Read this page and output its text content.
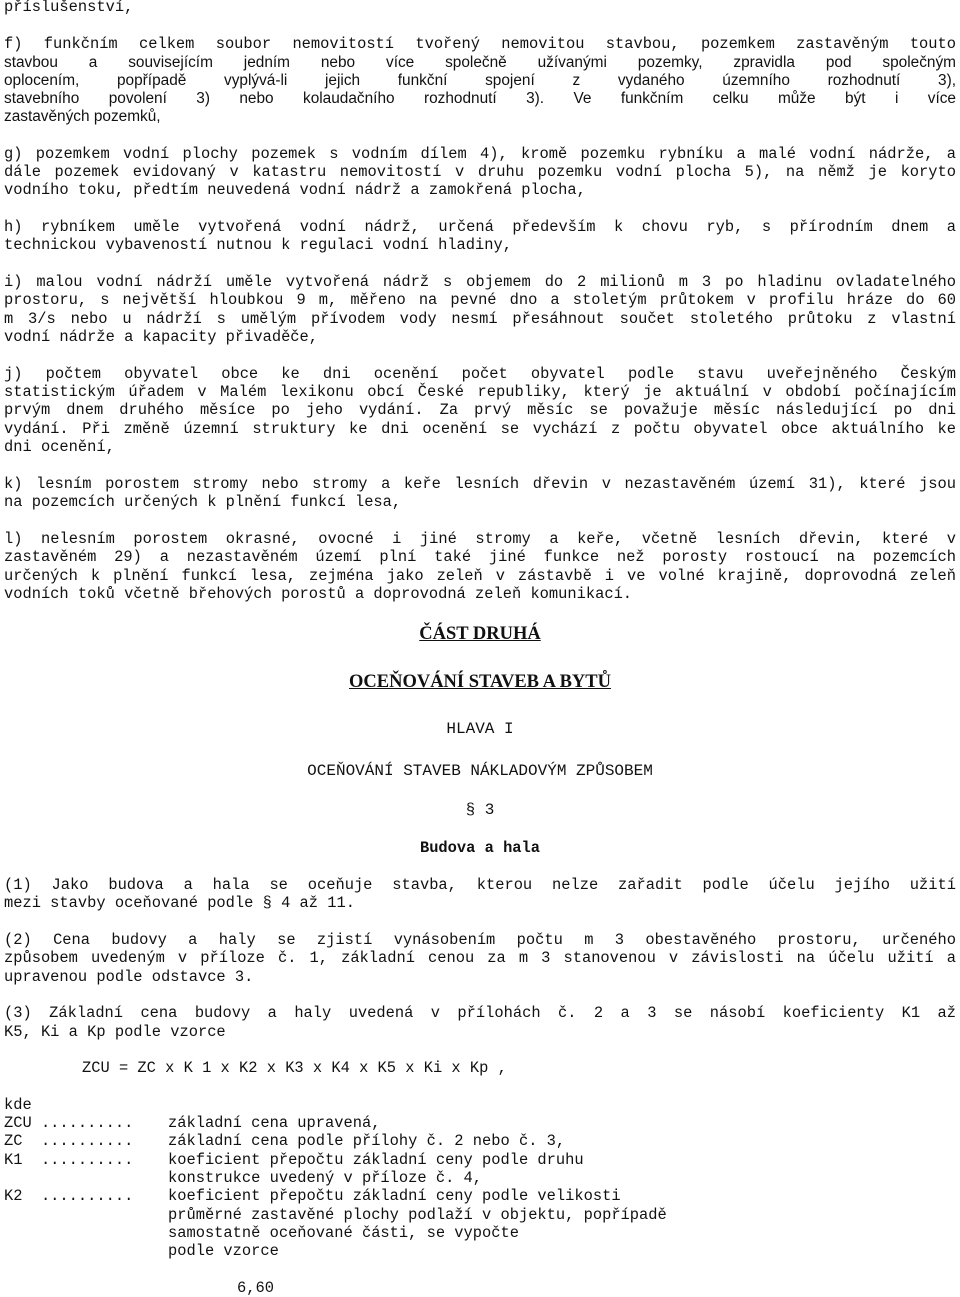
příslušenství,
f) funkčním celkem soubor nemovitostí tvořený nemovitou stavbou, pozemkem zastavěným touto
stavbou a souvisejícím jedním nebo více společně užívanými pozemky, zpravidla pod společným
oplocením, popřípadě vyplývá-li jejich funkční spojení z vydaného územního rozhodnutí 3),
stavebního povolení 3) nebo kolaudačního rozhodnutí 3). Ve funkčním celku může být i více
zastavěných pozemků,
g) pozemkem vodní plochy pozemek s vodním dílem 4), kromě pozemku rybníku a malé vodní nádrže, a
dále pozemek evidovaný v katastru nemovitostí v druhu pozemku vodní plocha 5), na němž je koryto
vodního toku, předtím neuvedená vodní nádrž a zamokřená plocha,
h) rybníkem uměle vytvořená vodní nádrž, určená především k chovu ryb, s přírodním dnem a
technickou vybaveností nutnou k regulaci vodní hladiny,
i) malou vodní nádrží uměle vytvořená nádrž s objemem do 2 milionů m 3 po hladinu ovladatelného
prostoru, s největší hloubkou 9 m, měřeno na pevné dno a stoletým průtokem v profilu hráze do 60
m 3/s nebo u nádrží s umělým přívodem vody nesmí přesáhnout součet stoletého průtoku z vlastní
vodní nádrže a kapacity přivaděče,
j) počtem obyvatel obce ke dni ocenění počet obyvatel podle stavu uveřejněného Českým
statistickým úřadem v Malém lexikonu obcí České republiky, který je aktuální v období počínajícím
prvým dnem druhého měsíce po jeho vydání. Za prvý měsíc se považuje měsíc následující po dni
vydání. Při změně územní struktury ke dni ocenění se vychází z počtu obyvatel obce aktuálního ke
dni ocenění,
k) lesním porostem stromy nebo stromy a keře lesních dřevin v nezastavěném území 31), které jsou
na pozemcích určených k plnění funkcí lesa,
l) nelesním porostem okrasné, ovocné i jiné stromy a keře, včetně lesních dřevin, které v
zastavěném 29) a nezastavěném území plní také jiné funkce než porosty rostoucí na pozemcích
určených k plnění funkcí lesa, zejména jako zeleň v zástavbě i ve volné krajině, doprovodná zeleň
vodních toků včetně břehových porostů a doprovodná zeleň komunikací.
ČÁST DRUHÁ
OCEŇOVÁNÍ STAVEB A BYTŮ
HLAVA I
OCEŇOVÁNÍ STAVEB NÁKLADOVÝM ZPŮSOBEM
§ 3
Budova a hala
(1) Jako budova a hala se oceňuje stavba, kterou nelze zařadit podle účelu jejího užití
mezi stavby oceňované podle § 4 až 11.
(2) Cena budovy a haly se zjistí vynásobením počtu m 3 obestavěného prostoru, určeného
způsobem uvedeným v příloze č. 1, základní cenou za m 3 stanovenou v závislosti na účelu užití a
upravenou podle odstavce 3.
(3) Základní cena budovy a haly uvedená v přílohách č. 2 a 3 se násobí koeficienty K1 až
K5, Ki a Kp podle vzorce
ZCU = ZC x K 1 x K2 x K3 x K4 x K5 x Ki x Kp ,
kde
ZCU .......... základní cena upravená,
ZC  .......... základní cena podle přílohy č. 2 nebo č. 3,
K1  .......... koeficient přepočtu základní ceny podle druhu
konstrukce uvedený v příloze č. 4,
K2  .......... koeficient přepočtu základní ceny podle velikosti
průměrné zastavěné plochy podlaží v objektu, popřípadě
samostatně oceňované části, se vypočte
podle vzorce
6,60
